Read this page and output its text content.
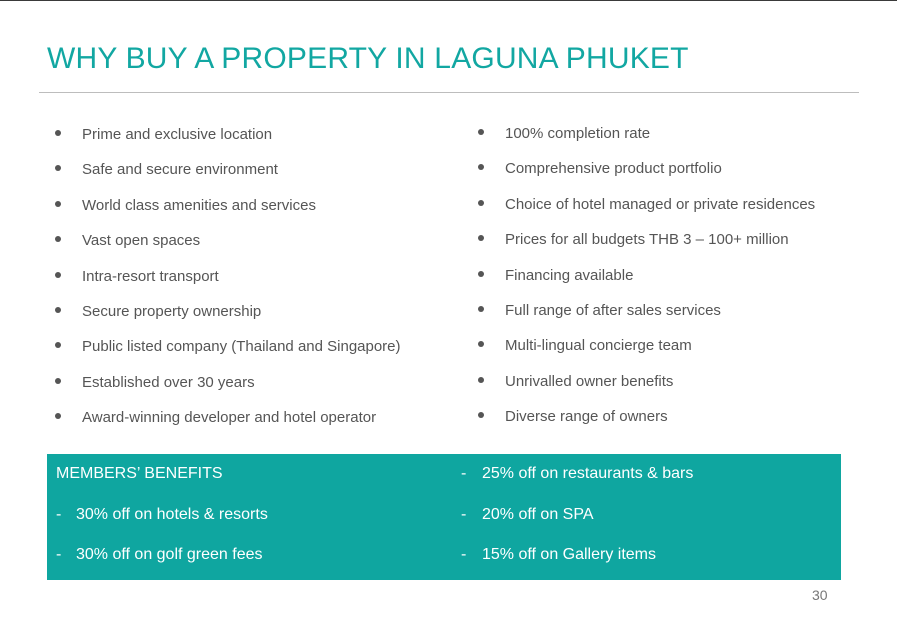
WHY BUY A PROPERTY IN LAGUNA PHUKET
Prime and exclusive location
Safe and secure environment
World class amenities and services
Vast open spaces
Intra-resort transport
Secure property ownership
Public listed company (Thailand and Singapore)
Established over 30 years
Award-winning developer and hotel operator
100% completion rate
Comprehensive product portfolio
Choice of hotel managed or private residences
Prices for all budgets THB 3 – 100+ million
Financing available
Full range of after sales services
Multi-lingual concierge team
Unrivalled owner benefits
Diverse range of owners
MEMBERS’ BENEFITS
- 30% off on hotels & resorts
- 30% off on golf green fees
- 25% off on restaurants & bars
- 20% off on SPA
- 15% off on Gallery items
30
